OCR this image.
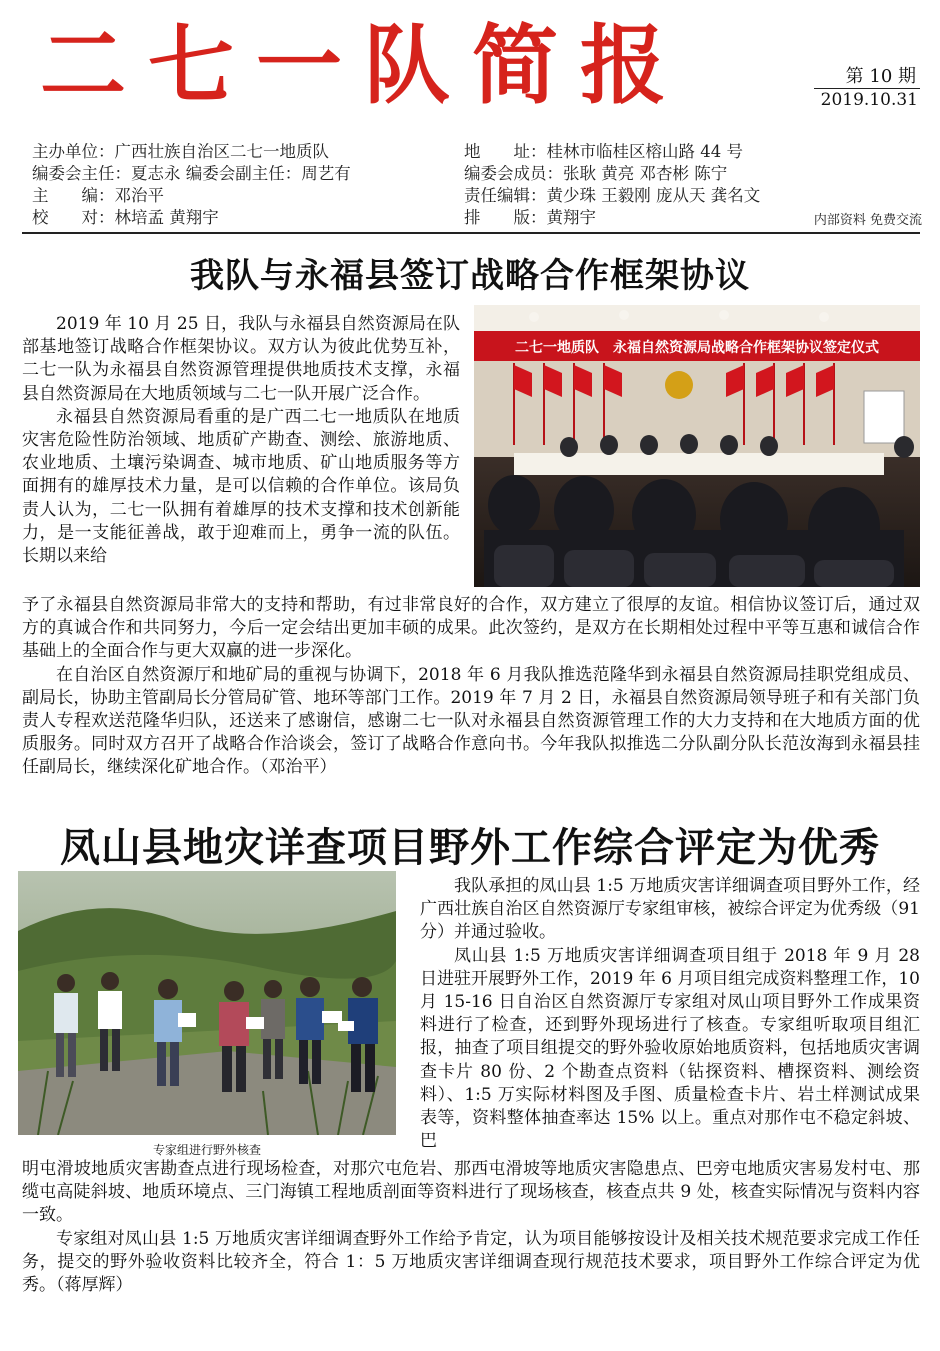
二七一队简报	第 10 期
2019.10.31
主办单位：广西壮族自治区二七一地质队	地　　址：桂林市临桂区榕山路 44 号
编委会主任：夏志永 编委会副主任：周艺有	编委会成员：张耿 黄亮 邓杏彬 陈宁
主　　编：邓治平	责任编辑：黄少珠 王毅刚 庞从天 龚名文
校　　对：林培孟 黄翔宇	排　　版：黄翔宇	内部资料 免费交流
我队与永福县签订战略合作框架协议

2019 年 10 月 25 日，我队与永福县自然资源局在队部基地签订战略合作框架协议。双方认为彼此优势互补，二七一队为永福县自然资源管理提供地质技术支撑，永福县自然资源局在大地质领域与二七一队开展广泛合作。

永福县自然资源局看重的是广西二七一地质队在地质灾害危险性防治领域、地质矿产勘查、测绘、旅游地质、农业地质、土壤污染调查、城市地质、矿山地质服务等方面拥有的雄厚技术力量，是可以信赖的合作单位。该局负责人认为，二七一队拥有着雄厚的技术支撑和技术创新能力，是一支能征善战，敢于迎难而上，勇争一流的队伍。长期以来给

二七一地质队　永福自然资源局战略合作框架协议签定仪式

予了永福县自然资源局非常大的支持和帮助，有过非常良好的合作，双方建立了很厚的友谊。相信协议签订后，通过双方的真诚合作和共同努力，今后一定会结出更加丰硕的成果。此次签约，是双方在长期相处过程中平等互惠和诚信合作基础上的全面合作与更大双赢的进一步深化。

在自治区自然资源厅和地矿局的重视与协调下，2018 年 6 月我队推选范隆华到永福县自然资源局挂职党组成员、副局长，协助主管副局长分管局矿管、地环等部门工作。2019 年 7 月 2 日，永福县自然资源局领导班子和有关部门负责人专程欢送范隆华归队，还送来了感谢信，感谢二七一队对永福县自然资源管理工作的大力支持和在大地质方面的优质服务。同时双方召开了战略合作洽谈会，签订了战略合作意向书。今年我队拟推选二分队副分队长范汝海到永福县挂任副局长，继续深化矿地合作。（邓治平）

凤山县地灾详查项目野外工作综合评定为优秀
专家组进行野外核查

我队承担的凤山县 1:5 万地质灾害详细调查项目野外工作，经广西壮族自治区自然资源厅专家组审核，被综合评定为优秀级（91 分）并通过验收。

凤山县 1:5 万地质灾害详细调查项目组于 2018 年 9 月 28 日进驻开展野外工作，2019 年 6 月项目组完成资料整理工作，10 月 15-16 日自治区自然资源厅专家组对凤山项目野外工作成果资料进行了检查，还到野外现场进行了核查。专家组听取项目组汇报，抽查了项目组提交的野外验收原始地质资料，包括地质灾害调查卡片 80 份、2 个勘查点资料（钻探资料、槽探资料、测绘资料）、1:5 万实际材料图及手图、质量检查卡片、岩土样测试成果表等，资料整体抽查率达 15% 以上。重点对那作屯不稳定斜坡、巴

明屯滑坡地质灾害勘查点进行现场检查，对那穴屯危岩、那西屯滑坡等地质灾害隐患点、巴旁屯地质灾害易发村屯、那缆屯高陡斜坡、地质环境点、三门海镇工程地质剖面等资料进行了现场核查，核查点共 9 处，核查实际情况与资料内容一致。

专家组对凤山县 1:5 万地质灾害详细调查野外工作给予肯定，认为项目能够按设计及相关技术规范要求完成工作任务，提交的野外验收资料比较齐全，符合 1：5 万地质灾害详细调查现行规范技术要求，项目野外工作综合评定为优秀。（蒋厚辉）
